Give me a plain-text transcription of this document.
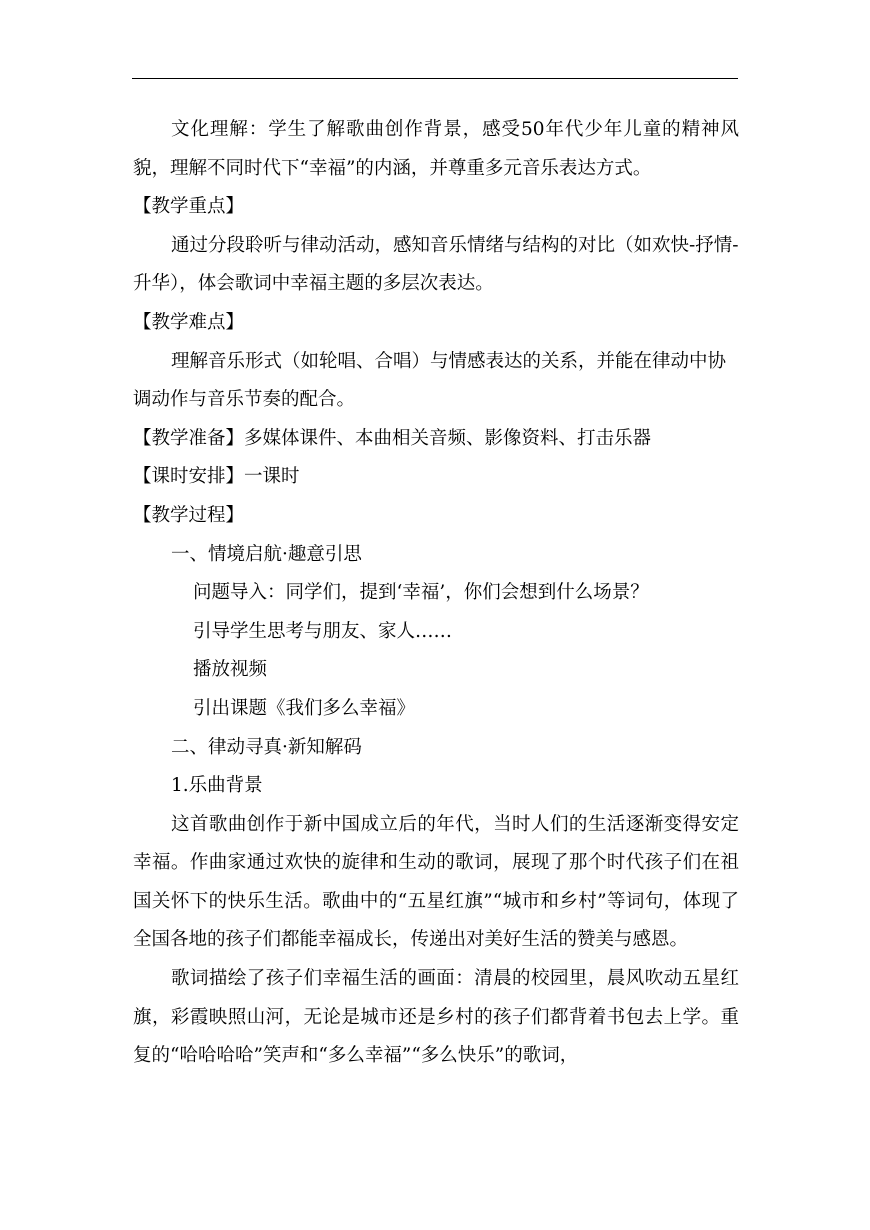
文化理解：学生了解歌曲创作背景，感受50年代少年儿童的精神风貌，理解不同时代下“幸福”的内涵，并尊重多元音乐表达方式。

【教学重点】

通过分段聆听与律动活动，感知音乐情绪与结构的对比（如欢快-抒情-升华），体会歌词中幸福主题的多层次表达。

【教学难点】

理解音乐形式（如轮唱、合唱）与情感表达的关系，并能在律动中协调动作与音乐节奏的配合。

【教学准备】多媒体课件、本曲相关音频、影像资料、打击乐器

【课时安排】一课时

【教学过程】

一、情境启航·趣意引思

问题导入：同学们，提到‘幸福’，你们会想到什么场景？

引导学生思考与朋友、家人……

播放视频

引出课题《我们多么幸福》

二、律动寻真·新知解码

1.乐曲背景

这首歌曲创作于新中国成立后的年代，当时人们的生活逐渐变得安定幸福。作曲家通过欢快的旋律和生动的歌词，展现了那个时代孩子们在祖国关怀下的快乐生活。歌曲中的“五星红旗”“城市和乡村”等词句，体现了全国各地的孩子们都能幸福成长，传递出对美好生活的赞美与感恩。

歌词描绘了孩子们幸福生活的画面：清晨的校园里，晨风吹动五星红旗，彩霞映照山河，无论是城市还是乡村的孩子们都背着书包去上学。重复的“哈哈哈哈”笑声和“多么幸福”“多么快乐”的歌词，
